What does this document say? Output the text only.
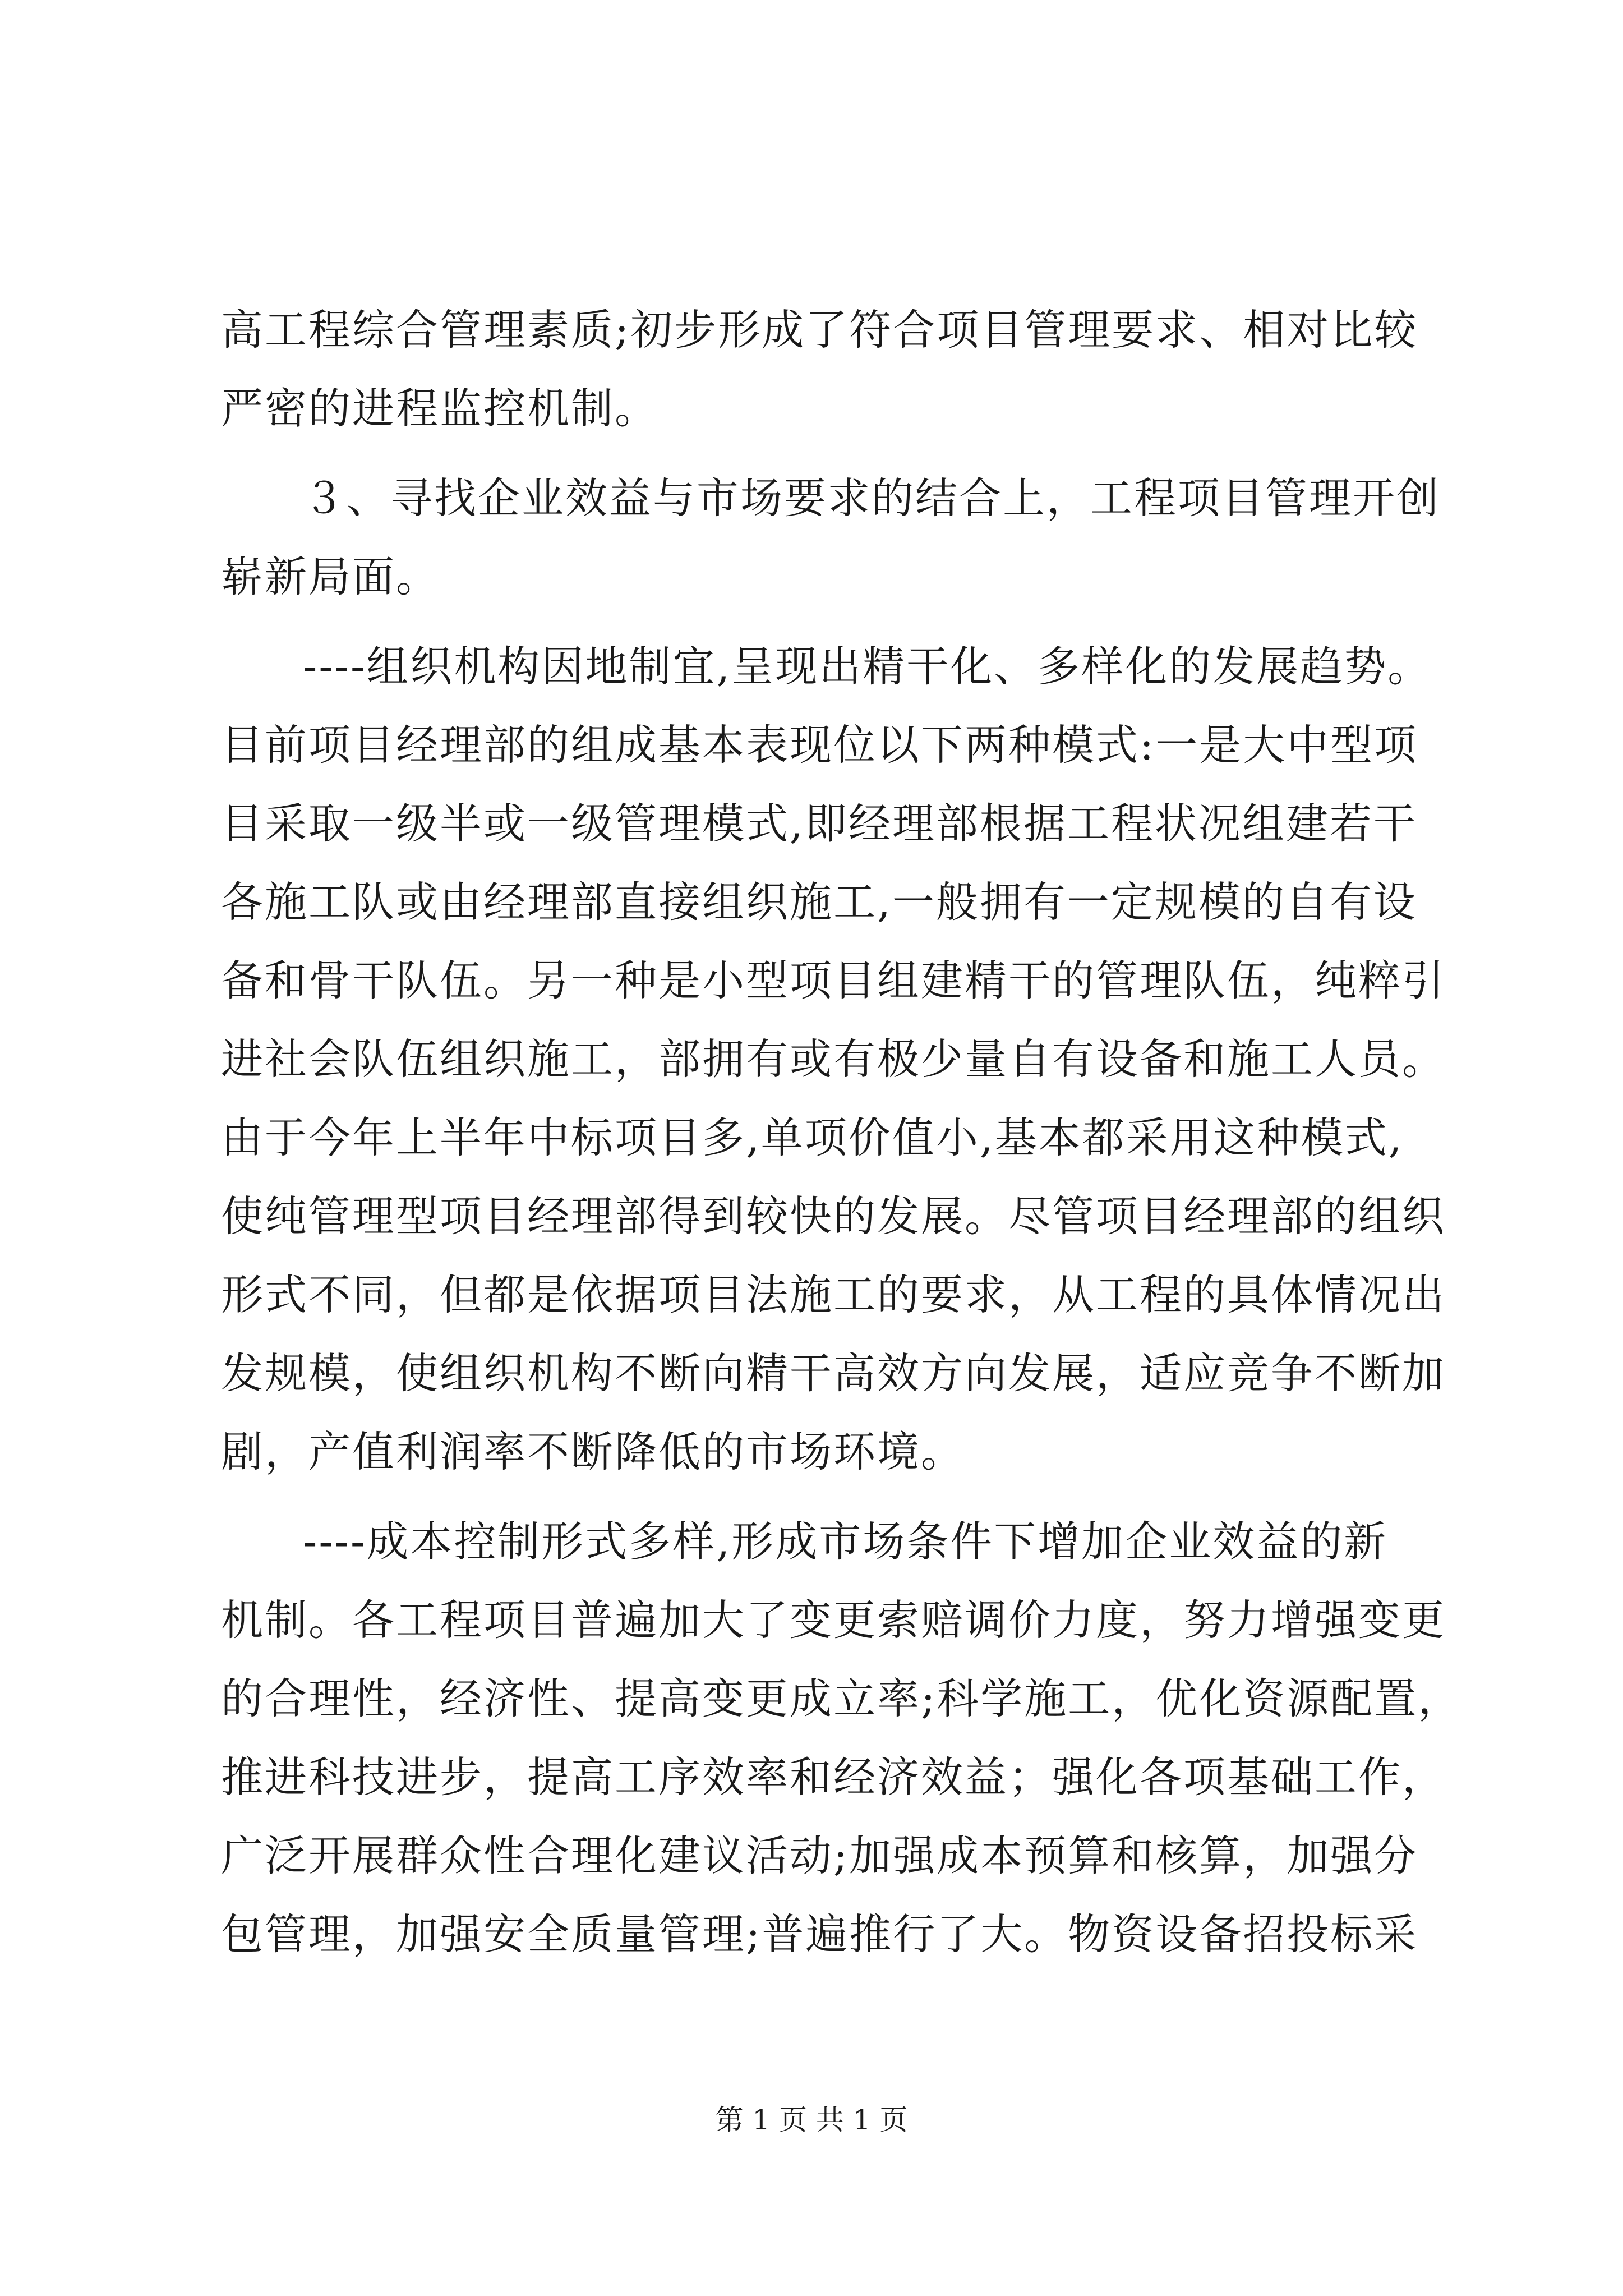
高工程综合管理素质;初步形成了符合项目管理要求、相对比较
严密的进程监控机制。
３、寻找企业效益与市场要求的结合上，工程项目管理开创
崭新局面。
----组织机构因地制宜,呈现出精干化、多样化的发展趋势。
目前项目经理部的组成基本表现位以下两种模式:一是大中型项
目采取一级半或一级管理模式,即经理部根据工程状况组建若干
各施工队或由经理部直接组织施工,一般拥有一定规模的自有设
备和骨干队伍。另一种是小型项目组建精干的管理队伍，纯粹引
进社会队伍组织施工，部拥有或有极少量自有设备和施工人员。
由于今年上半年中标项目多,单项价值小,基本都采用这种模式,
使纯管理型项目经理部得到较快的发展。尽管项目经理部的组织
形式不同，但都是依据项目法施工的要求，从工程的具体情况出
发规模，使组织机构不断向精干高效方向发展，适应竞争不断加
剧，产值利润率不断降低的市场环境。
----成本控制形式多样,形成市场条件下增加企业效益的新
机制。各工程项目普遍加大了变更索赔调价力度，努力增强变更
的合理性，经济性、提高变更成立率;科学施工，优化资源配置，
推进科技进步，提高工序效率和经济效益；强化各项基础工作，
广泛开展群众性合理化建议活动;加强成本预算和核算，加强分
包管理，加强安全质量管理;普遍推行了大。物资设备招投标采
第 1 页 共 1 页
